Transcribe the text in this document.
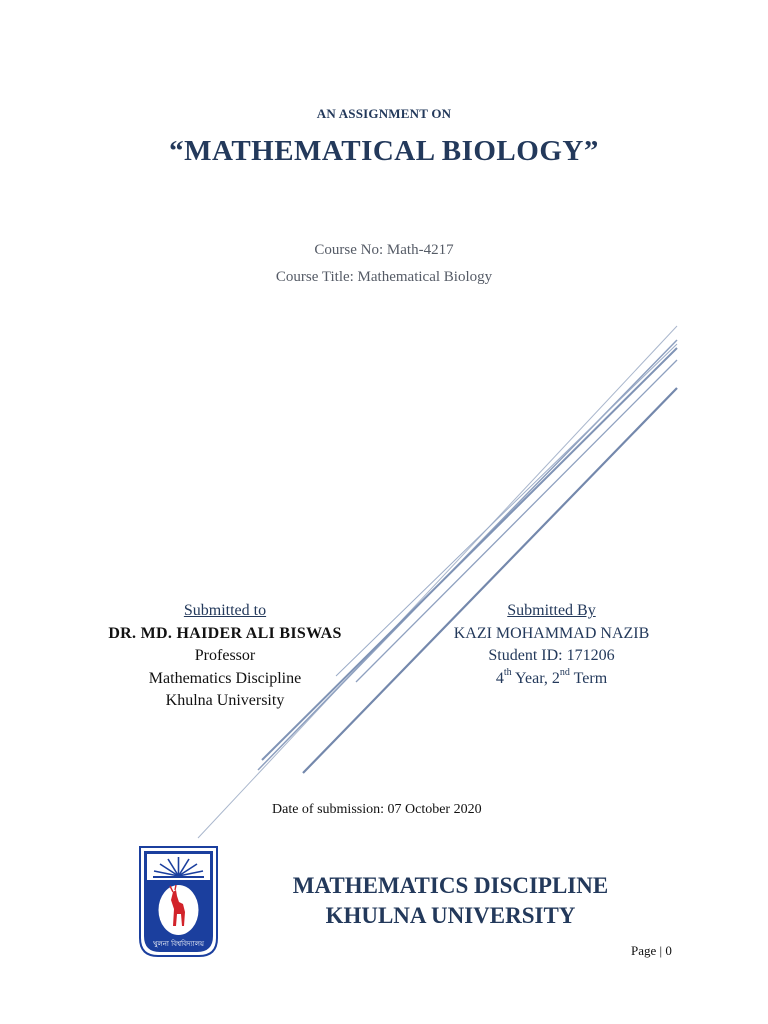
AN ASSIGNMENT ON
“MATHEMATICAL BIOLOGY”
Course No: Math-4217
Course Title: Mathematical Biology
Submitted to
DR. MD. HAIDER ALI BISWAS
Professor
Mathematics Discipline
Khulna University
Submitted By
KAZI MOHAMMAD NAZIB
Student ID: 171206
4th Year, 2nd Term
Date of submission: 07 October 2020
খুলনা বিশ্ববিদ্যালয়
MATHEMATICS DISCIPLINE
KHULNA UNIVERSITY
Page | 0
